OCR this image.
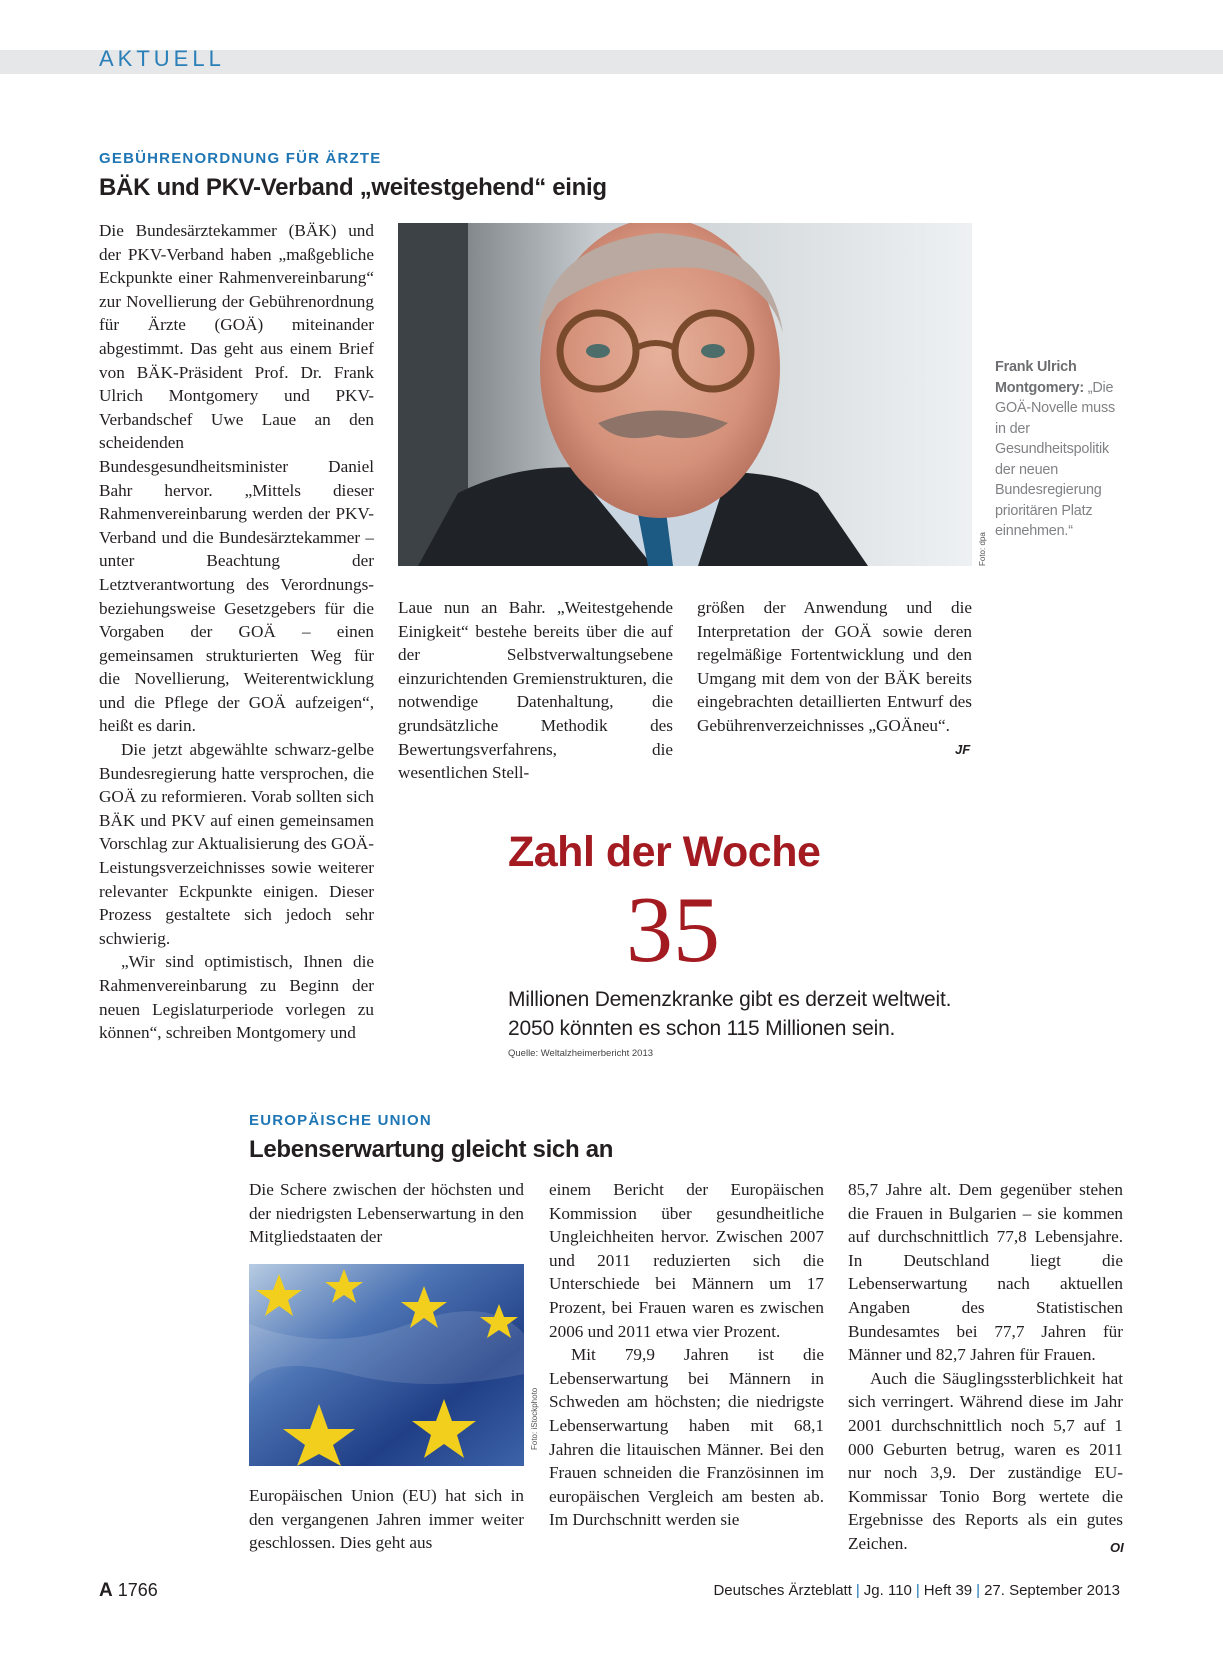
AKTUELL
GEBÜHRENORDNUNG FÜR ÄRZTE
BÄK und PKV-Verband „weitestgehend“ einig

Die Bundesärztekammer (BÄK) und der PKV-Verband haben „maßgebliche Eckpunkte einer Rahmenvereinbarung“ zur Novellierung der Gebührenordnung für Ärzte (GOÄ) miteinander abgestimmt. Das geht aus einem Brief von BÄK-Präsident Prof. Dr. Frank Ulrich Montgomery und PKV-Verbandschef Uwe Laue an den scheidenden Bundesgesundheitsminister Daniel Bahr hervor. „Mittels dieser Rahmenvereinbarung werden der PKV-Verband und die Bundesärztekammer – unter Beachtung der Letztverantwortung des Verordnungs- beziehungsweise Gesetzgebers für die Vorgaben der GOÄ – einen gemeinsamen strukturierten Weg für die Novellierung, Weiterentwicklung und die Pflege der GOÄ aufzeigen“, heißt es darin.

Die jetzt abgewählte schwarz-gelbe Bundesregierung hatte versprochen, die GOÄ zu reformieren. Vorab sollten sich BÄK und PKV auf einen gemeinsamen Vorschlag zur Aktualisierung des GOÄ-Leistungsverzeichnisses sowie weiterer relevanter Eckpunkte einigen. Dieser Prozess gestaltete sich jedoch sehr schwierig.

„Wir sind optimistisch, Ihnen die Rahmenvereinbarung zu Beginn der neuen Legislaturperiode vorlegen zu können“, schreiben Montgomery und

Foto: dpa
Frank Ulrich Montgomery: „Die GOÄ-Novelle muss in der Gesundheitspolitik der neuen Bundesregierung prioritären Platz einnehmen.“

Laue nun an Bahr. „Weitestgehende Einigkeit“ bestehe bereits über die auf der Selbstverwaltungsebene einzurichtenden Gremienstrukturen, die notwendige Datenhaltung, die grundsätzliche Methodik des Bewertungsverfahrens, die wesentlichen Stell-

größen der Anwendung und die Interpretation der GOÄ sowie deren regelmäßige Fortentwicklung und den Umgang mit dem von der BÄK bereits eingebrachten detaillierten Entwurf des Gebührenverzeichnisses „GOÄneu“.

JF
Zahl der Woche
35
Millionen Demenzkranke gibt es derzeit weltweit. 2050 könnten es schon 115 Millionen sein.
Quelle: Weltalzheimerbericht 2013
EUROPÄISCHE UNION
Lebenserwartung gleicht sich an

Die Schere zwischen der höchsten und der niedrigsten Lebenserwartung in den Mitgliedstaaten der

Foto: iStockphoto

Europäischen Union (EU) hat sich in den vergangenen Jahren immer weiter geschlossen. Dies geht aus

einem Bericht der Europäischen Kommission über gesundheitliche Ungleichheiten hervor. Zwischen 2007 und 2011 reduzierten sich die Unterschiede bei Männern um 17 Prozent, bei Frauen waren es zwischen 2006 und 2011 etwa vier Prozent.

Mit 79,9 Jahren ist die Lebenserwartung bei Männern in Schweden am höchsten; die niedrigste Lebenserwartung haben mit 68,1 Jahren die litauischen Männer. Bei den Frauen schneiden die Französinnen im europäischen Vergleich am besten ab. Im Durchschnitt werden sie

85,7 Jahre alt. Dem gegenüber stehen die Frauen in Bulgarien – sie kommen auf durchschnittlich 77,8 Lebensjahre. In Deutschland liegt die Lebenserwartung nach aktuellen Angaben des Statistischen Bundesamtes bei 77,7 Jahren für Männer und 82,7 Jahren für Frauen.

Auch die Säuglingssterblichkeit hat sich verringert. Während diese im Jahr 2001 durchschnittlich noch 5,7 auf 1 000 Geburten betrug, waren es 2011 nur noch 3,9. Der zuständige EU-Kommissar Tonio Borg wertete die Ergebnisse des Reports als ein gutes Zeichen.	OI
A 1766	Deutsches Ärzteblatt | Jg. 110 | Heft 39 | 27. September 2013
